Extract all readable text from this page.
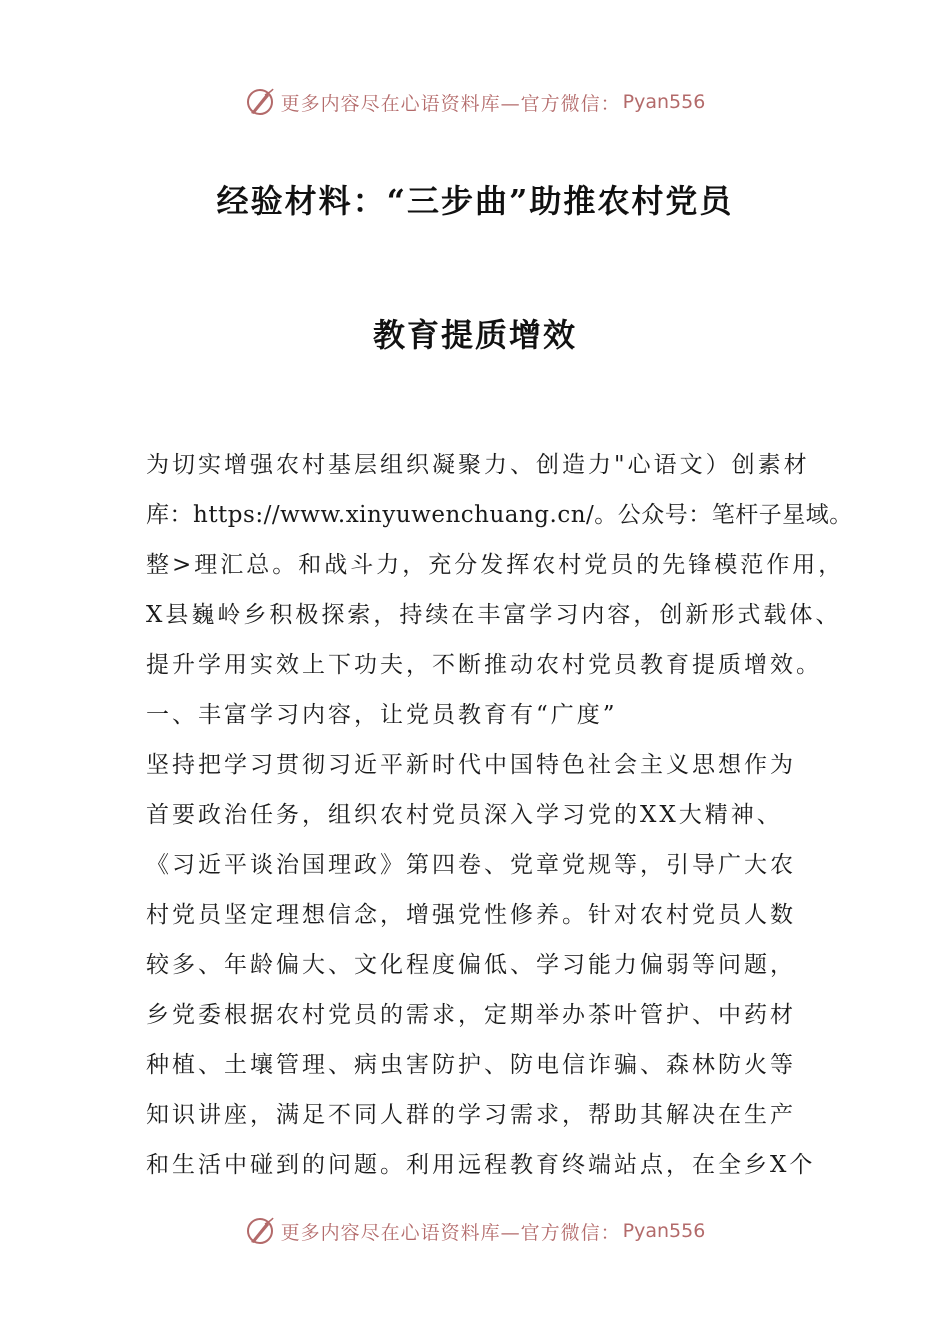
更多内容尽在心语资料库—官方微信： Pyan556
经验材料：“三步曲”助推农村党员
教育提质增效
为切实增强农村基层组织凝聚力、创造力"心语文）创素材
库：https://www.xinyuwenchuang.cn/。公众号：笔杆子星域。
整>理汇总。和战斗力，充分发挥农村党员的先锋模范作用，
X县巍岭乡积极探索，持续在丰富学习内容，创新形式载体、
提升学用实效上下功夫，不断推动农村党员教育提质增效。
一、丰富学习内容，让党员教育有“广度”
坚持把学习贯彻习近平新时代中国特色社会主义思想作为
首要政治任务，组织农村党员深入学习党的XX大精神、
《习近平谈治国理政》第四卷、党章党规等，引导广大农
村党员坚定理想信念，增强党性修养。针对农村党员人数
较多、年龄偏大、文化程度偏低、学习能力偏弱等问题，
乡党委根据农村党员的需求，定期举办茶叶管护、中药材
种植、土壤管理、病虫害防护、防电信诈骗、森林防火等
知识讲座，满足不同人群的学习需求，帮助其解决在生产
和生活中碰到的问题。利用远程教育终端站点，在全乡X个
更多内容尽在心语资料库—官方微信： Pyan556
